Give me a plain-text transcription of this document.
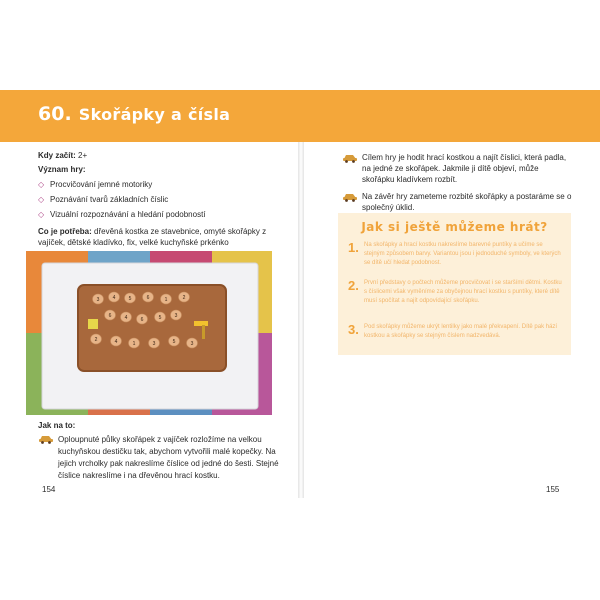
60. Skořápky a čísla
Kdy začít: 2+
Význam hry:
◇ Procvičování jemné motoriky
◇ Poznávání tvarů základních číslic
◇ Vizuální rozpoznávání a hledání podobností
Co je potřeba: dřevěná kostka ze stavebnice, omyté skořápky z vajíček, dětské kladívko, fix, velké kuchyňské prkénko
3	4	5	6	1	2
6	4	6	5	3
2	4	1	3	5	3
Jak na to:
Oploupnuté půlky skořápek z vajíček rozložíme na velkou kuchyňskou destičku tak, abychom vytvořili malé kopečky. Na jejich vrcholky pak nakreslíme číslice od jedné do šesti. Stejné číslice nakreslíme i na dřevěnou hrací kostku.
154
Cílem hry je hodit hrací kostkou a najít číslici, která padla, na jedné ze skořápek. Jakmile ji dítě objeví, může skořápku kladívkem rozbít.
Na závěr hry zameteme rozbité skořápky a postaráme se o společný úklid.
Jak si ještě můžeme hrát?
1. Na skořápky a hrací kostku nakreslíme barevné puntíky a učíme se stejným způsobem barvy. Variantou jsou i jednoduché symboly, ve kterých se dítě učí hledat podobnost.
2. První představy o počtech můžeme procvičovat i se staršími dětmi. Kostku s číslicemi však vyměníme za obyčejnou hrací kostku s puntíky, které dítě musí spočítat a najít odpovídající skořápku.
3. Pod skořápky můžeme ukrýt lentilky jako malé překvapení. Dítě pak hází kostkou a skořápky se stejným číslem nadzvedává.
155
